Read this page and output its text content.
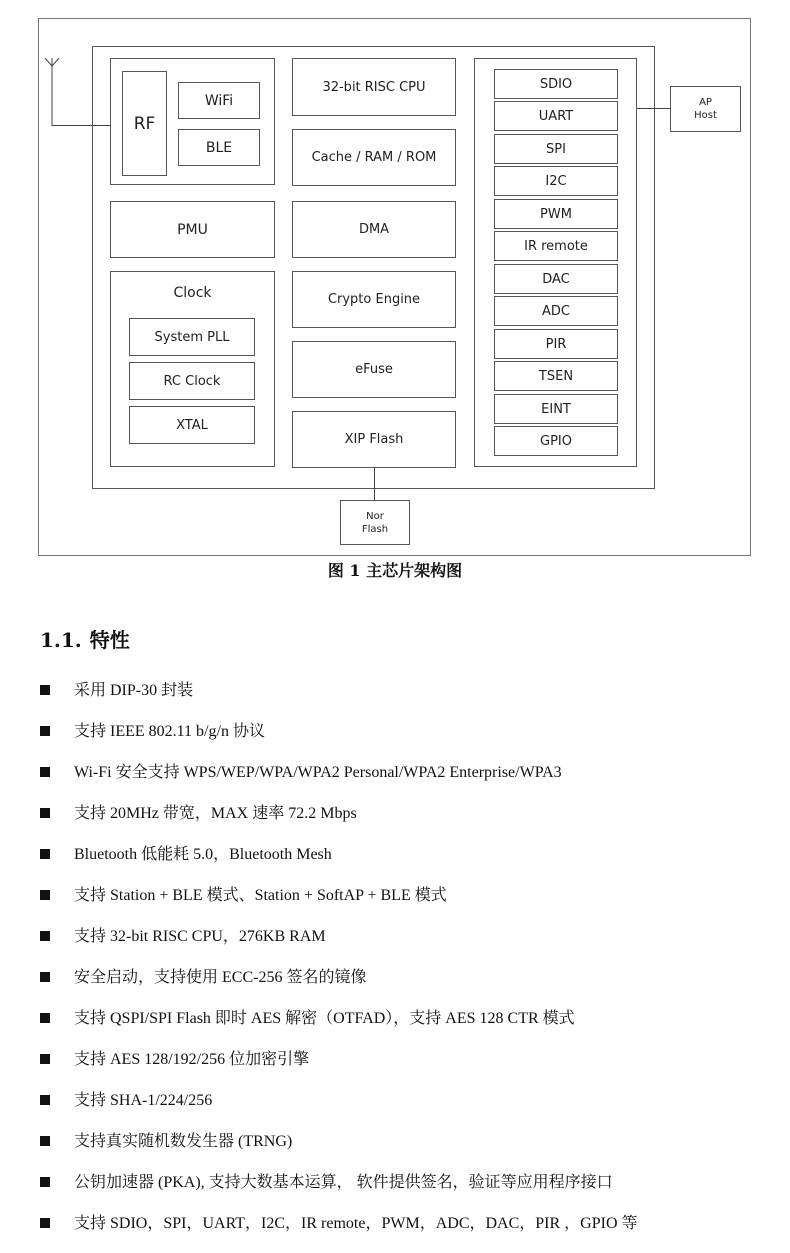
RF
WiFi
BLE
PMU
Clock
System PLL
RC Clock
XTAL
32-bit RISC CPU
Cache / RAM / ROM
DMA
Crypto Engine
eFuse
XIP Flash
SDIO
UART
SPI
I2C
PWM
IR remote
DAC
ADC
PIR
TSEN
EINT
GPIO
AP
Host
Nor
Flash
图 1 主芯片架构图
1.1. 特性
采用 DIP-30 封装
支持 IEEE 802.11 b/g/n 协议
Wi-Fi 安全支持 WPS/WEP/WPA/WPA2 Personal/WPA2 Enterprise/WPA3
支持 20MHz 带宽，MAX 速率 72.2 Mbps
Bluetooth 低能耗 5.0，Bluetooth Mesh
支持 Station + BLE 模式、Station + SoftAP + BLE 模式
支持 32-bit RISC CPU，276KB RAM
安全启动，支持使用 ECC-256 签名的镜像
支持 QSPI/SPI Flash 即时 AES 解密（OTFAD），支持 AES 128 CTR 模式
支持 AES 128/192/256 位加密引擎
支持 SHA-1/224/256
支持真实随机数发生器 (TRNG)
公钥加速器 (PKA), 支持大数基本运算， 软件提供签名，验证等应用程序接口
支持 SDIO，SPI，UART，I2C，IR remote，PWM，ADC，DAC，PIR ，GPIO 等
